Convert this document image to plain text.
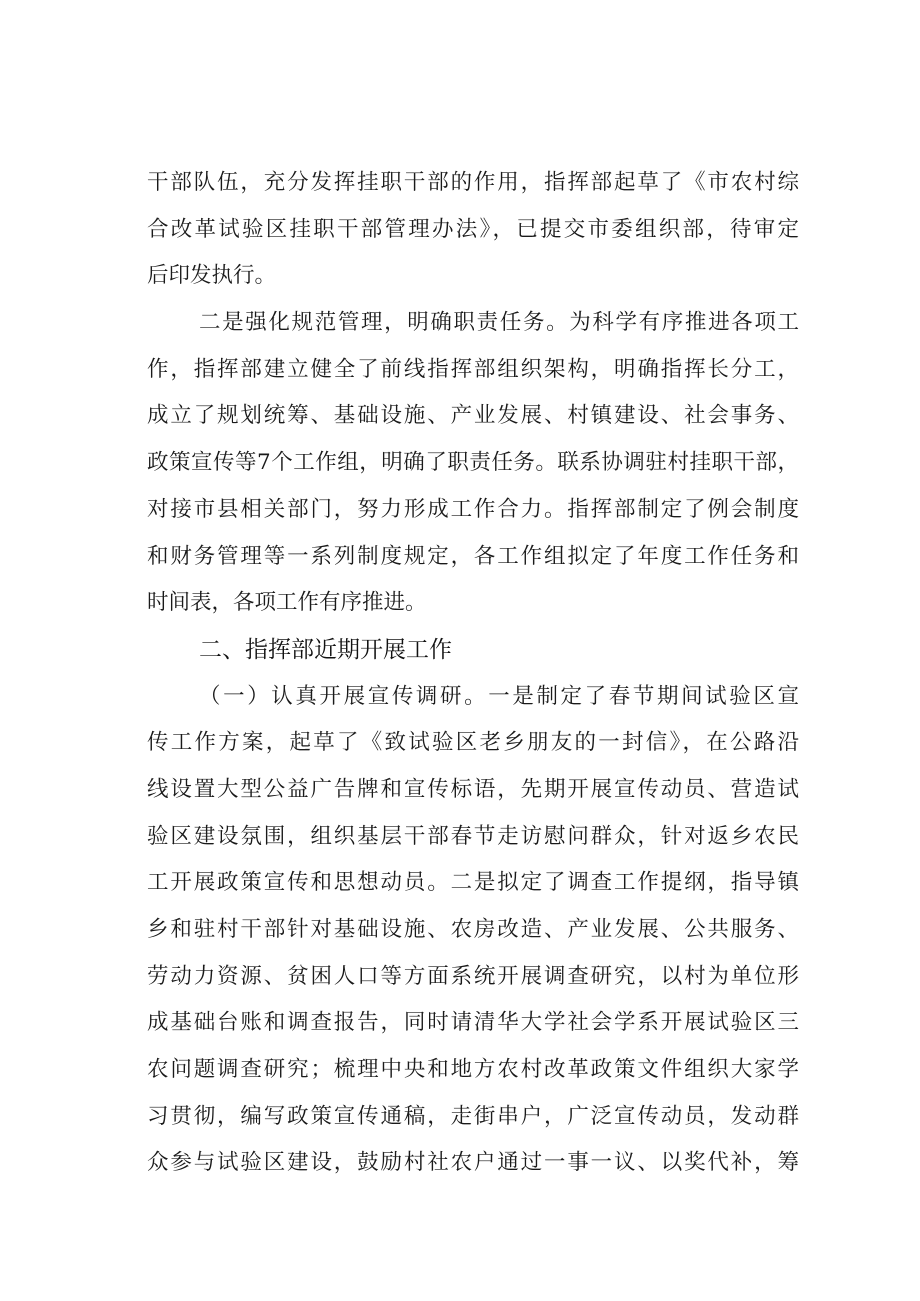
干部队伍，充分发挥挂职干部的作用，指挥部起草了《市农村综
合改革试验区挂职干部管理办法》，已提交市委组织部，待审定
后印发执行。
二是强化规范管理，明确职责任务。为科学有序推进各项工
作，指挥部建立健全了前线指挥部组织架构，明确指挥长分工，
成立了规划统筹、基础设施、产业发展、村镇建设、社会事务、
政策宣传等7个工作组，明确了职责任务。联系协调驻村挂职干部，
对接市县相关部门，努力形成工作合力。指挥部制定了例会制度
和财务管理等一系列制度规定，各工作组拟定了年度工作任务和
时间表，各项工作有序推进。
二、指挥部近期开展工作
（一）认真开展宣传调研。一是制定了春节期间试验区宣
传工作方案，起草了《致试验区老乡朋友的一封信》，在公路沿
线设置大型公益广告牌和宣传标语，先期开展宣传动员、营造试
验区建设氛围，组织基层干部春节走访慰问群众，针对返乡农民
工开展政策宣传和思想动员。二是拟定了调查工作提纲，指导镇
乡和驻村干部针对基础设施、农房改造、产业发展、公共服务、
劳动力资源、贫困人口等方面系统开展调查研究，以村为单位形
成基础台账和调查报告，同时请清华大学社会学系开展试验区三
农问题调查研究；梳理中央和地方农村改革政策文件组织大家学
习贯彻，编写政策宣传通稿，走街串户，广泛宣传动员，发动群
众参与试验区建设，鼓励村社农户通过一事一议、以奖代补，筹
